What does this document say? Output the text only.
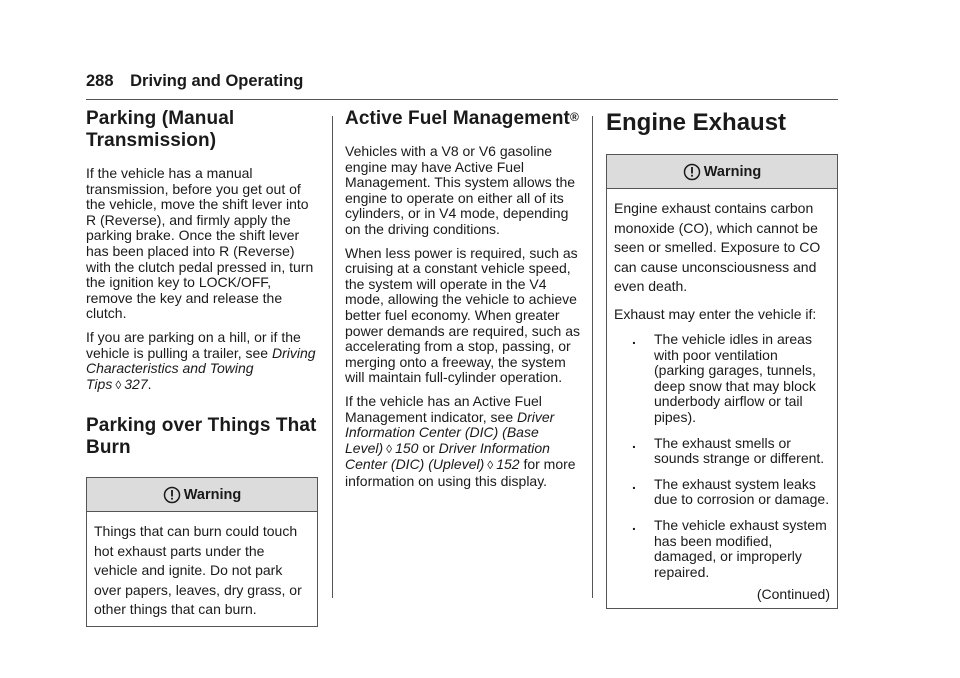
288 Driving and Operating
Parking (Manual Transmission)

If the vehicle has a manual transmission, before you get out of the vehicle, move the shift lever into R (Reverse), and firmly apply the parking brake. Once the shift lever has been placed into R (Reverse) with the clutch pedal pressed in, turn the ignition key to LOCK/OFF, remove the key and release the clutch.

If you are parking on a hill, or if the vehicle is pulling a trailer, see Driving Characteristics and Towing Tips ◊ 327.

Parking over Things That Burn
Warning

Things that can burn could touch hot exhaust parts under the vehicle and ignite. Do not park over papers, leaves, dry grass, or other things that can burn.

Active Fuel Management®

Vehicles with a V8 or V6 gasoline engine may have Active Fuel Management. This system allows the engine to operate on either all of its cylinders, or in V4 mode, depending on the driving conditions.

When less power is required, such as cruising at a constant vehicle speed, the system will operate in the V4 mode, allowing the vehicle to achieve better fuel economy. When greater power demands are required, such as accelerating from a stop, passing, or merging onto a freeway, the system will maintain full-cylinder operation.

If the vehicle has an Active Fuel Management indicator, see Driver Information Center (DIC) (Base Level) ◊ 150 or Driver Information Center (DIC) (Uplevel) ◊ 152 for more information on using this display.

Engine Exhaust
Warning

Engine exhaust contains carbon monoxide (CO), which cannot be seen or smelled. Exposure to CO can cause unconsciousness and even death.

Exhaust may enter the vehicle if:

.	The vehicle idles in areas with poor ventilation (parking garages, tunnels, deep snow that may block underbody airflow or tail pipes).
.	The exhaust smells or sounds strange or different.
.	The exhaust system leaks due to corrosion or damage.
.	The vehicle exhaust system has been modified, damaged, or improperly repaired.
(Continued)
